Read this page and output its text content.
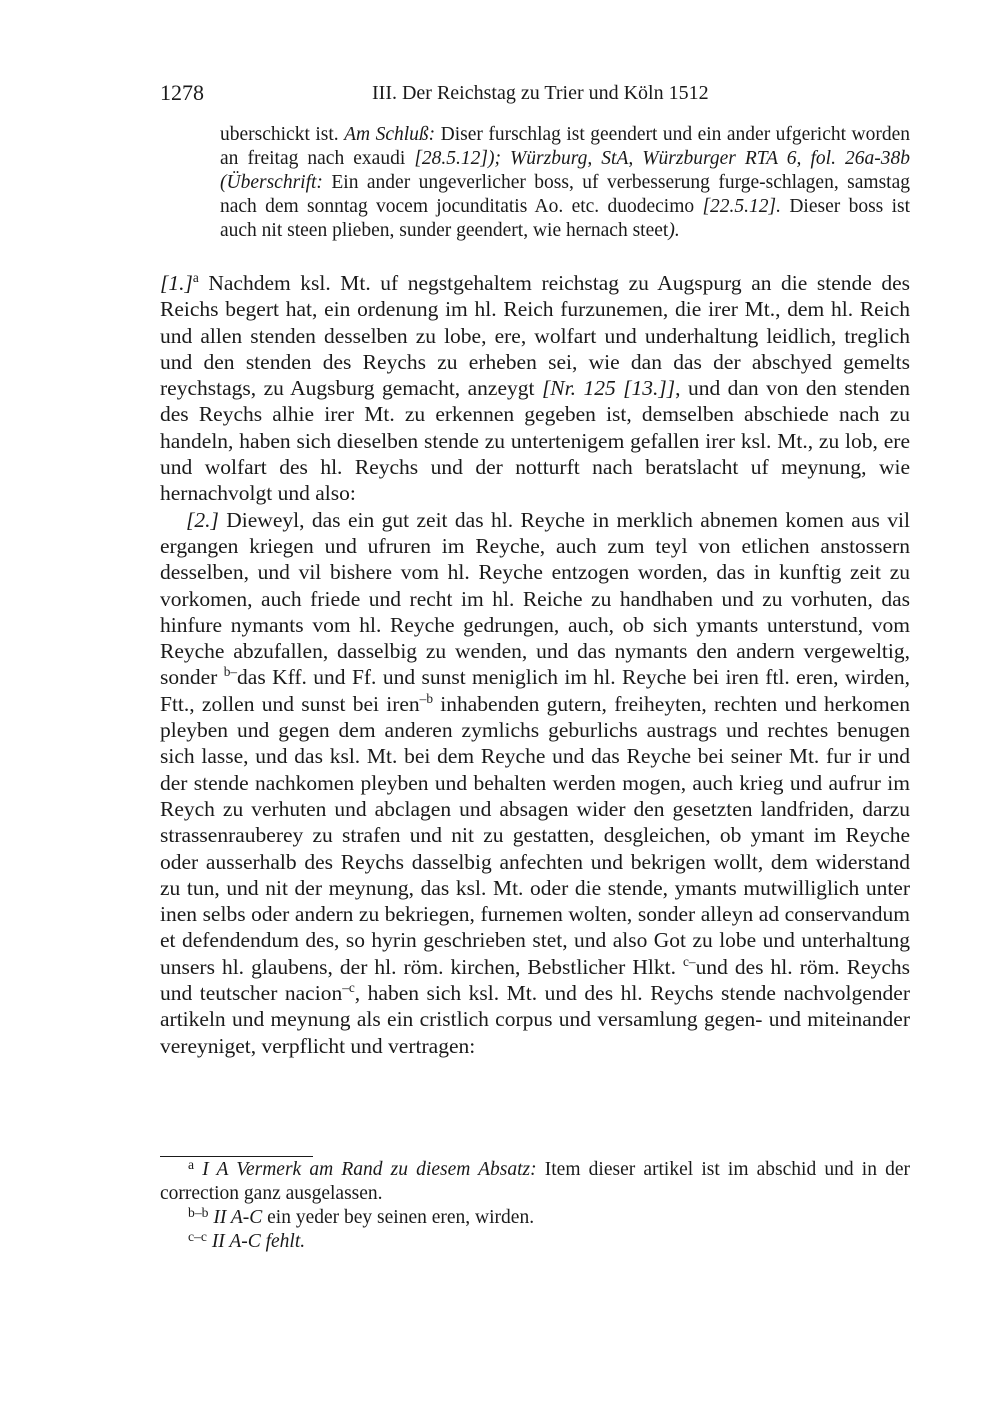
1278	III. Der Reichstag zu Trier und Köln 1512
uberschickt ist. Am Schluß: Diser furschlag ist geendert und ein ander ufgericht worden an freitag nach exaudi [28.5.12]); Würzburg, StA, Würzburger RTA 6, fol. 26a-38b (Überschrift: Ein ander ungeverlicher boss, uf verbesserung furge-schlagen, samstag nach dem sonntag vocem jocunditatis Ao. etc. duodecimo [22.5.12]. Dieser boss ist auch nit steen plieben, sunder geendert, wie hernach steet).

$[1.]^a$ Nachdem ksl. Mt. uf negstgehaltem reichstag zu Augspurg an die stende des Reichs begert hat, ein ordenung im hl. Reich furzunemen, die irer Mt., dem hl. Reich und allen stenden desselben zu lobe, ere, wolfart und underhaltung leidlich, treglich und den stenden des Reychs zu erheben sei, wie dan das der abschyed gemelts reychstags, zu Augsburg gemacht, anzeygt [Nr. 125 [13.]], und dan von den stenden des Reychs alhie irer Mt. zu erkennen gegeben ist, demselben abschiede nach zu handeln, haben sich dieselben stende zu untertenigem gefallen irer ksl. Mt., zu lob, ere und wolfart des hl. Reychs und der notturft nach beratslacht uf meynung, wie hernachvolgt und also:

[2.] Dieweyl, das ein gut zeit das hl. Reyche in merklich abnemen komen aus vil ergangen kriegen und ufruren im Reyche, auch zum teyl von etlichen anstossern desselben, und vil bishere vom hl. Reyche entzogen worden, das in kunftig zeit zu vorkomen, auch friede und recht im hl. Reiche zu handhaben und zu vorhuten, das hinfure nymants vom hl. Reyche gedrungen, auch, ob sich ymants unterstund, vom Reyche abzufallen, dasselbig zu wenden, und das nymants den andern vergeweltig, sonder $^{b-}$das Kff. und Ff. und sunst meniglich im hl. Reyche bei iren ftl. eren, wirden, Ftt., zollen und sunst bei iren$^{-b}$ inhabenden gutern, freiheyten, rechten und herkomen pleyben und gegen dem anderen zymlichs geburlichs austrags und rechtes benugen sich lasse, und das ksl. Mt. bei dem Reyche und das Reyche bei seiner Mt. fur ir und der stende nachkomen pleyben und behalten werden mogen, auch krieg und aufrur im Reych zu verhuten und abclagen und absagen wider den gesetzten landfriden, darzu strassenrauberey zu strafen und nit zu gestatten, desgleichen, ob ymant im Reyche oder ausserhalb des Reychs dasselbig anfechten und bekrigen wollt, dem widerstand zu tun, und nit der meynung, das ksl. Mt. oder die stende, ymants mutwilliglich unter inen selbs oder andern zu bekriegen, furnemen wolten, sonder alleyn ad conservandum et defendendum des, so hyrin geschrieben stet, und also Got zu lobe und unterhaltung unsers hl. glaubens, der hl. röm. kirchen, Bebstlicher Hlkt. $^{c-}$und des hl. röm. Reychs und teutscher nacion$^{-c}$, haben sich ksl. Mt. und des hl. Reychs stende nachvolgender artikeln und meynung als ein cristlich corpus und versamlung gegen- und miteinander vereyniget, verpflicht und vertragen:

$^a$ I A Vermerk am Rand zu diesem Absatz: Item dieser artikel ist im abschid und in der correction ganz ausgelassen.

$^{b-b}$ II A-C ein yeder bey seinen eren, wirden.

$^{c-c}$ II A-C fehlt.
